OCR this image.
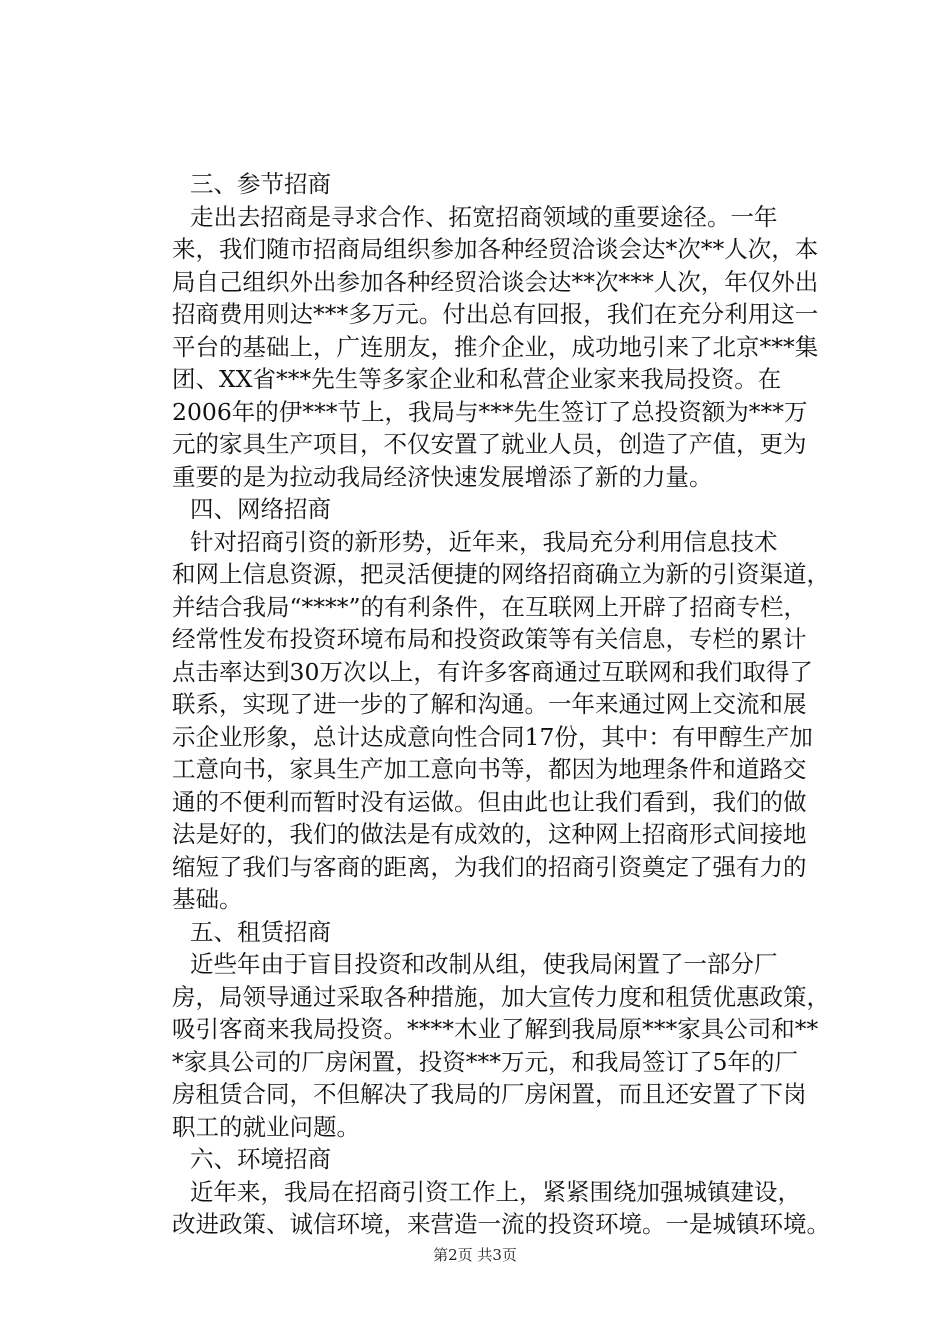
三、参节招商
走出去招商是寻求合作、拓宽招商领域的重要途径。一年
来，我们随市招商局组织参加各种经贸洽谈会达*次**人次，本
局自己组织外出参加各种经贸洽谈会达**次***人次，年仅外出
招商费用则达***多万元。付出总有回报，我们在充分利用这一
平台的基础上，广连朋友，推介企业，成功地引来了北京***集
团、XX省***先生等多家企业和私营企业家来我局投资。在
2006年的伊***节上，我局与***先生签订了总投资额为***万
元的家具生产项目，不仅安置了就业人员，创造了产值，更为
重要的是为拉动我局经济快速发展增添了新的力量。
四、网络招商
针对招商引资的新形势，近年来，我局充分利用信息技术
和网上信息资源，把灵活便捷的网络招商确立为新的引资渠道，
并结合我局“****”的有利条件，在互联网上开辟了招商专栏，
经常性发布投资环境布局和投资政策等有关信息，专栏的累计
点击率达到30万次以上，有许多客商通过互联网和我们取得了
联系，实现了进一步的了解和沟通。一年来通过网上交流和展
示企业形象，总计达成意向性合同17份，其中：有甲醇生产加
工意向书，家具生产加工意向书等，都因为地理条件和道路交
通的不便利而暂时没有运做。但由此也让我们看到，我们的做
法是好的，我们的做法是有成效的，这种网上招商形式间接地
缩短了我们与客商的距离，为我们的招商引资奠定了强有力的
基础。
五、租赁招商
近些年由于盲目投资和改制从组，使我局闲置了一部分厂
房，局领导通过采取各种措施，加大宣传力度和租赁优惠政策，
吸引客商来我局投资。****木业了解到我局原***家具公司和**
*家具公司的厂房闲置，投资***万元，和我局签订了5年的厂
房租赁合同，不但解决了我局的厂房闲置，而且还安置了下岗
职工的就业问题。
六、环境招商
近年来，我局在招商引资工作上，紧紧围绕加强城镇建设，
改进政策、诚信环境，来营造一流的投资环境。一是城镇环境。
第2页 共3页
